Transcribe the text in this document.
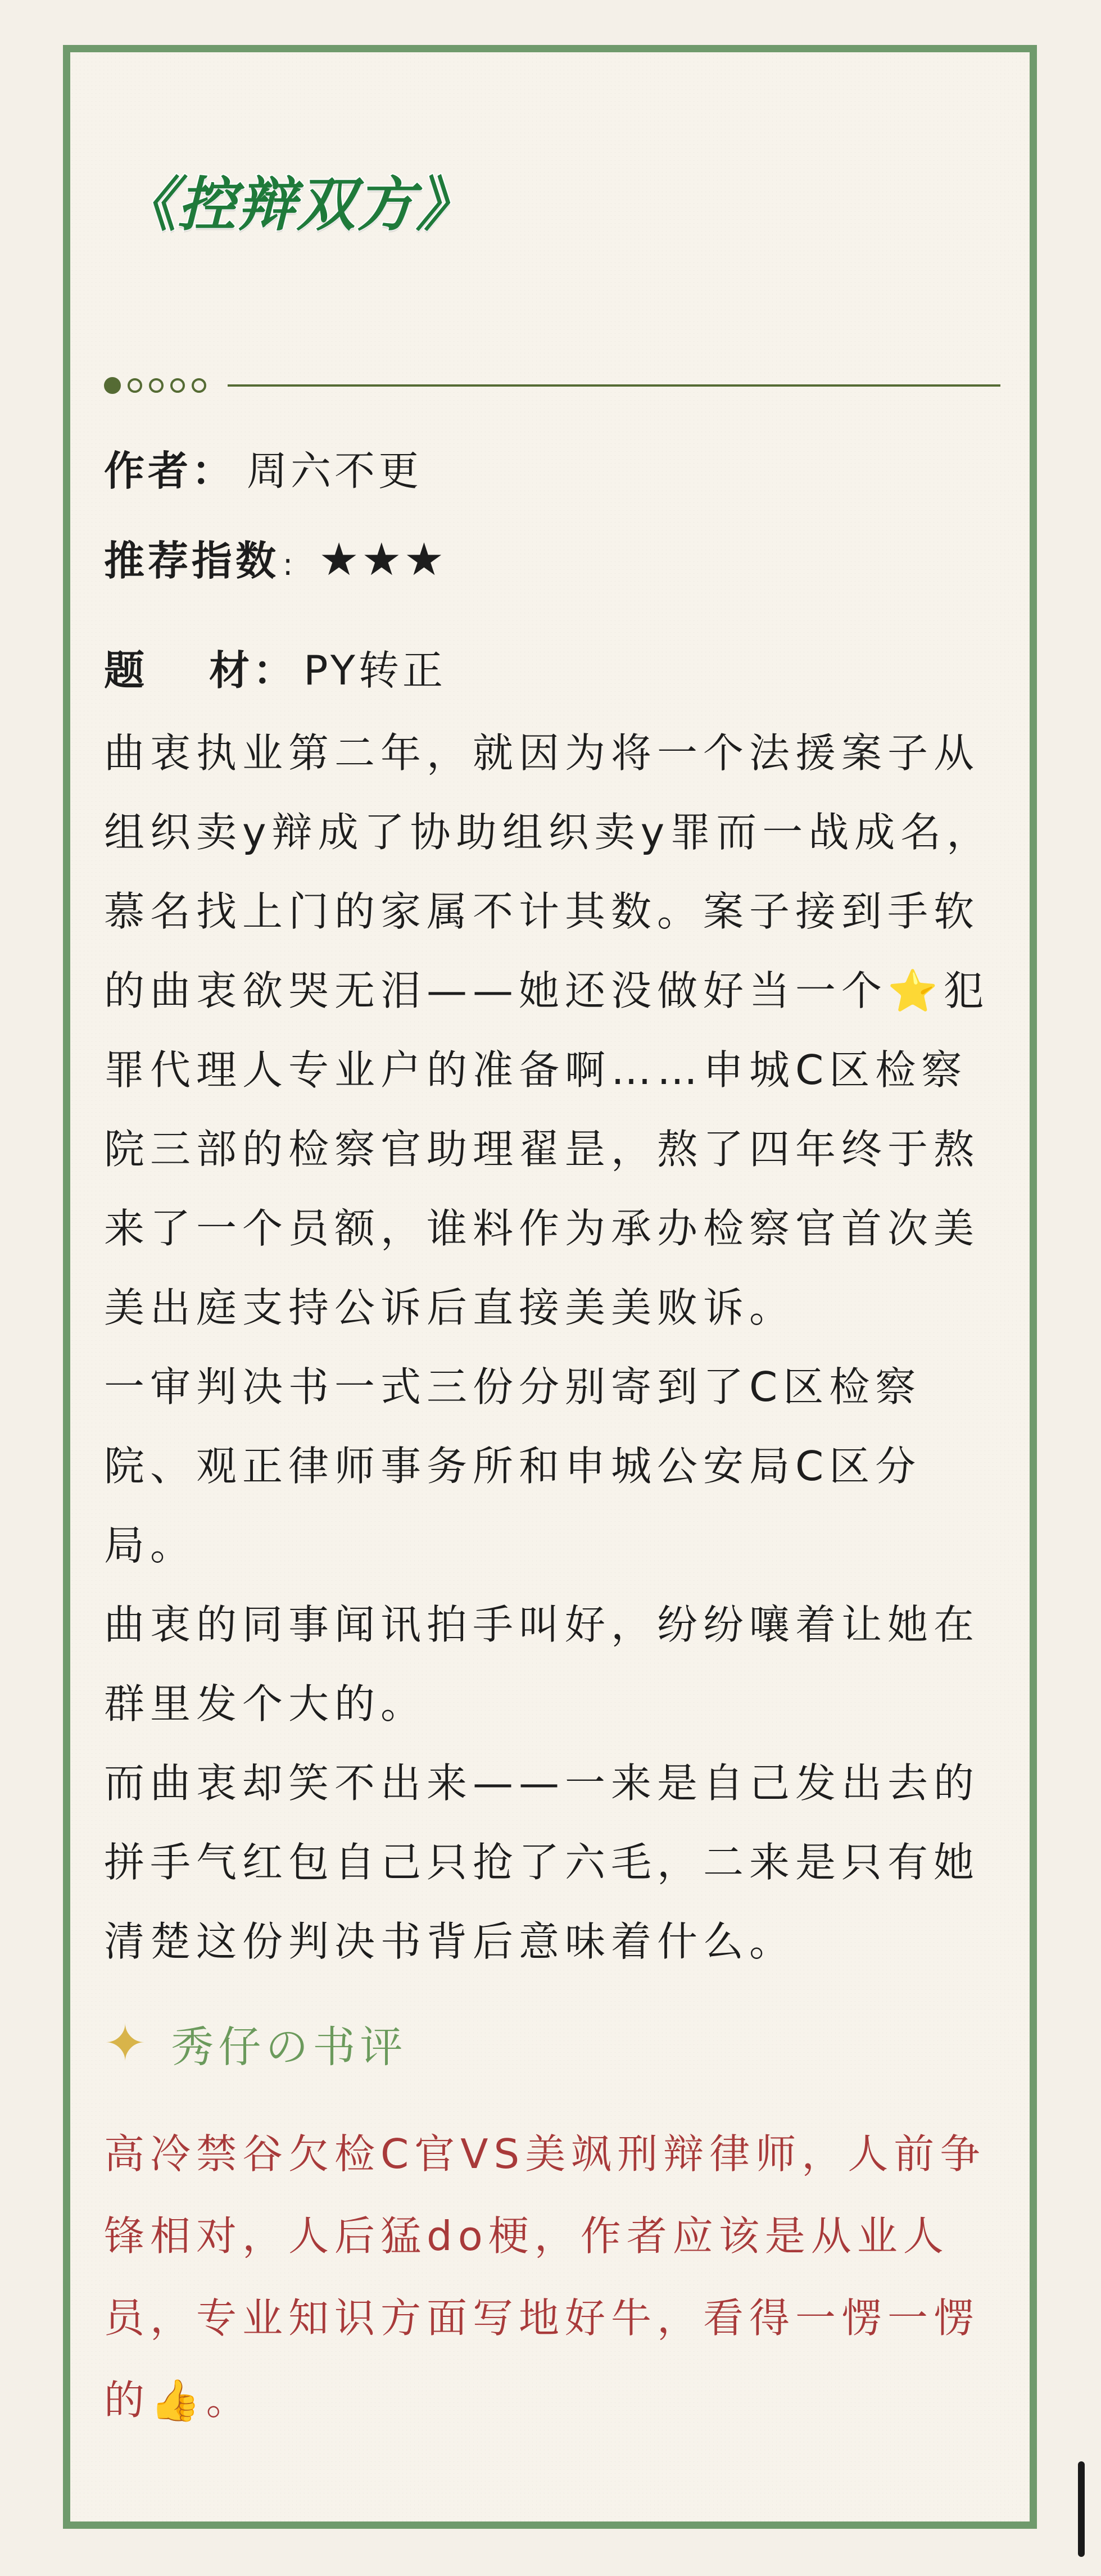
《控辩双方》
作者： 周六不更
推荐指数 : ★★★
题　 材： PY转正

曲衷执业第二年，就因为将一个法援案子从

组织卖y辩成了协助组织卖y罪而一战成名，

慕名找上门的家属不计其数。案子接到手软

的曲衷欲哭无泪——她还没做好当一个⭐犯

罪代理人专业户的准备啊……申城C区检察

院三部的检察官助理翟昰，熬了四年终于熬

来了一个员额，谁料作为承办检察官首次美

美出庭支持公诉后直接美美败诉。

一审判决书一式三份分别寄到了C区检察

院、观正律师事务所和申城公安局C区分

局。

曲衷的同事闻讯拍手叫好，纷纷嚷着让她在

群里发个大的。

而曲衷却笑不出来——一来是自己发出去的

拼手气红包自己只抢了六毛，二来是只有她

清楚这份判决书背后意味着什么。

✦ 秀仔の书评

高冷禁谷欠检C官VS美飒刑辩律师，人前争

锋相对，人后猛do梗，作者应该是从业人

员，专业知识方面写地好牛，看得一愣一愣

的👍。
